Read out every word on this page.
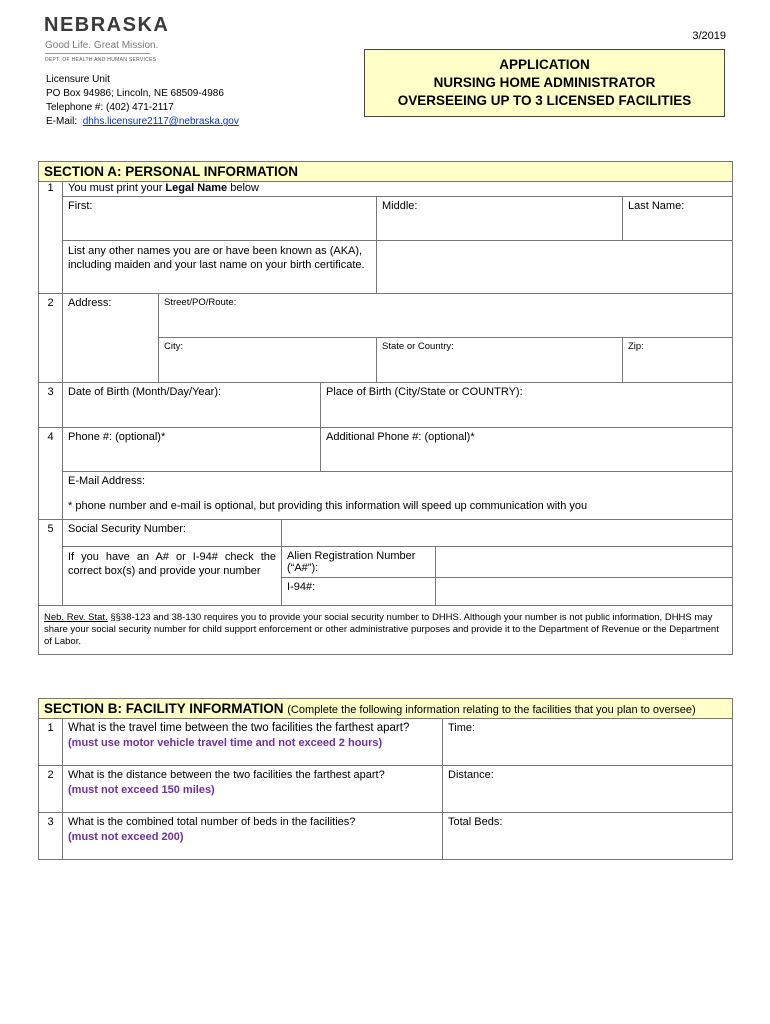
NEBRASKA
Good Life. Great Mission.
DEPT. OF HEALTH AND HUMAN SERVICES
3/2019
Licensure Unit
PO Box 94986; Lincoln, NE 68509-4986
Telephone #: (402) 471-2117
E-Mail: dhhs.licensure2117@nebraska.gov
APPLICATION
NURSING HOME ADMINISTRATOR
OVERSEEING UP TO 3 LICENSED FACILITIES
SECTION A: PERSONAL INFORMATION							
1	You must print your Legal Name below						
	First:				Middle:		Last Name:
	List any other names you are or have been known as (AKA), including maiden and your last name on your birth certificate.						
2	Address:	Street/PO/Route:					
		City:			State or Country:		Zip:
3	Date of Birth (Month/Day/Year):			Place of Birth (City/State or COUNTRY):			
4	Phone #: (optional)*			Additional Phone #: (optional)*			

	E-Mail Address:
* phone number and e-mail is optional, but providing this information will speed up communication with you						

5	Social Security Number:						
	If you have an A# or I-94# check the correct box(s) and provide your number		Alien Registration Number (“A#”):				
			I-94#:				
Neb. Rev. Stat. §§38-123 and 38-130 requires you to provide your social security number to DHHS. Although your number is not public information, DHHS may share your social security number for child support enforcement or other administrative purposes and provide it to the Department of Revenue or the Department of Labor.							
SECTION B: FACILITY INFORMATION (Complete the following information relating to the facilities that you plan to oversee)		
1	What is the travel time between the two facilities the farthest apart?
(must use motor vehicle travel time and not exceed 2 hours)	Time:
2	What is the distance between the two facilities the farthest apart?
(must not exceed 150 miles)	Distance:
3	What is the combined total number of beds in the facilities?
(must not exceed 200)	Total Beds:
